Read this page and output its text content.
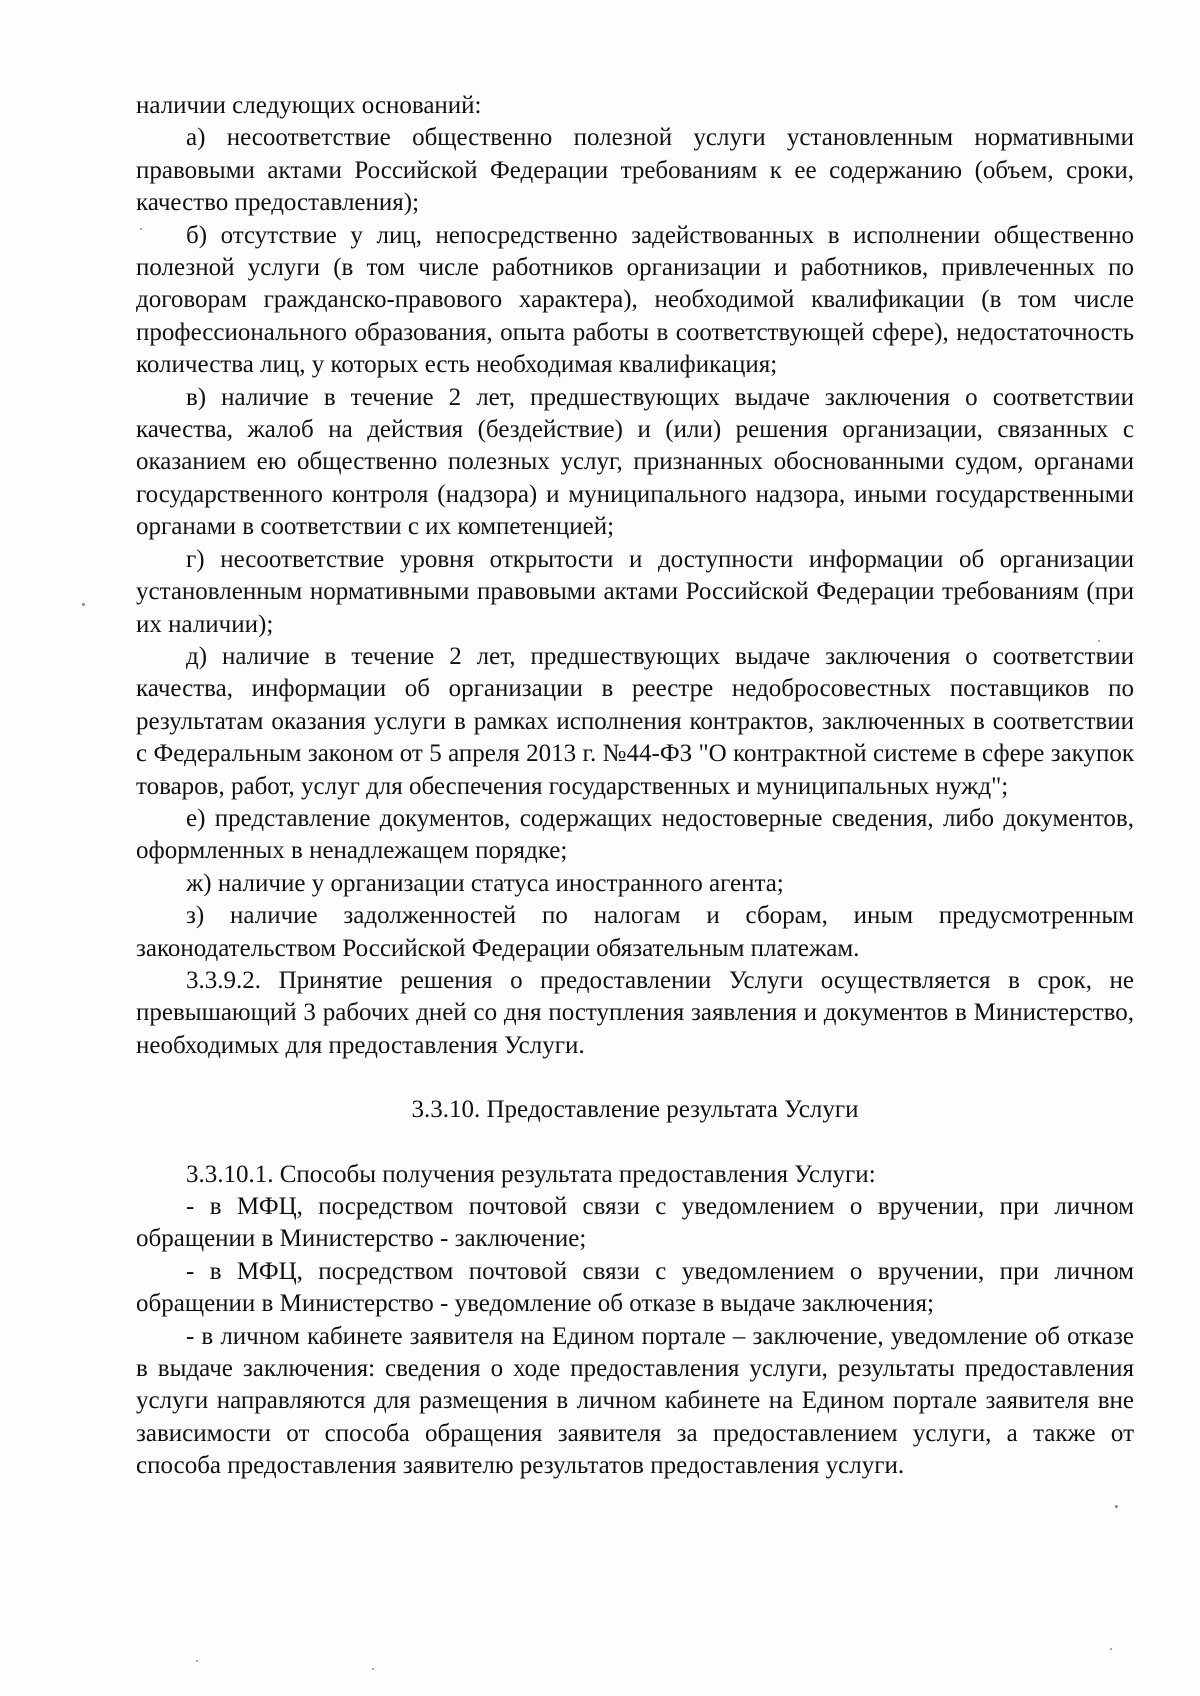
наличии следующих оснований:

а) несоответствие общественно полезной услуги установленным нормативными правовыми актами Российской Федерации требованиям к ее содержанию (объем, сроки, качество предоставления);

б) отсутствие у лиц, непосредственно задействованных в исполнении общественно полезной услуги (в том числе работников организации и работников, привлеченных по договорам гражданско-правового характера), необходимой квалификации (в том числе профессионального образования, опыта работы в соответствующей сфере), недостаточность количества лиц, у которых есть необходимая квалификация;

в) наличие в течение 2 лет, предшествующих выдаче заключения о соответствии качества, жалоб на действия (бездействие) и (или) решения организации, связанных с оказанием ею общественно полезных услуг, признанных обоснованными судом, органами государственного контроля (надзора) и муниципального надзора, иными государственными органами в соответствии с их компетенцией;

г) несоответствие уровня открытости и доступности информации об организации установленным нормативными правовыми актами Российской Федерации требованиям (при их наличии);

д) наличие в течение 2 лет, предшествующих выдаче заключения о соответствии качества, информации об организации в реестре недобросовестных поставщиков по результатам оказания услуги в рамках исполнения контрактов, заключенных в соответствии с Федеральным законом от 5 апреля 2013 г. №44-ФЗ "О контрактной системе в сфере закупок товаров, работ, услуг для обеспечения государственных и муниципальных нужд";

е) представление документов, содержащих недостоверные сведения, либо документов, оформленных в ненадлежащем порядке;

ж) наличие у организации статуса иностранного агента;

з) наличие задолженностей по налогам и сборам, иным предусмотренным законодательством Российской Федерации обязательным платежам.

3.3.9.2. Принятие решения о предоставлении Услуги осуществляется в срок, не превышающий 3 рабочих дней со дня поступления заявления и документов в Министерство, необходимых для предоставления Услуги.

3.3.10. Предоставление результата Услуги

3.3.10.1. Способы получения результата предоставления Услуги:

- в МФЦ, посредством почтовой связи с уведомлением о вручении, при личном обращении в Министерство - заключение;

- в МФЦ, посредством почтовой связи с уведомлением о вручении, при личном обращении в Министерство - уведомление об отказе в выдаче заключения;

- в личном кабинете заявителя на Едином портале – заключение, уведомление об отказе в выдаче заключения: сведения о ходе предоставления услуги, результаты предоставления услуги направляются для размещения в личном кабинете на Едином портале заявителя вне зависимости от способа обращения заявителя за предоставлением услуги, а также от способа предоставления заявителю результатов предоставления услуги.
